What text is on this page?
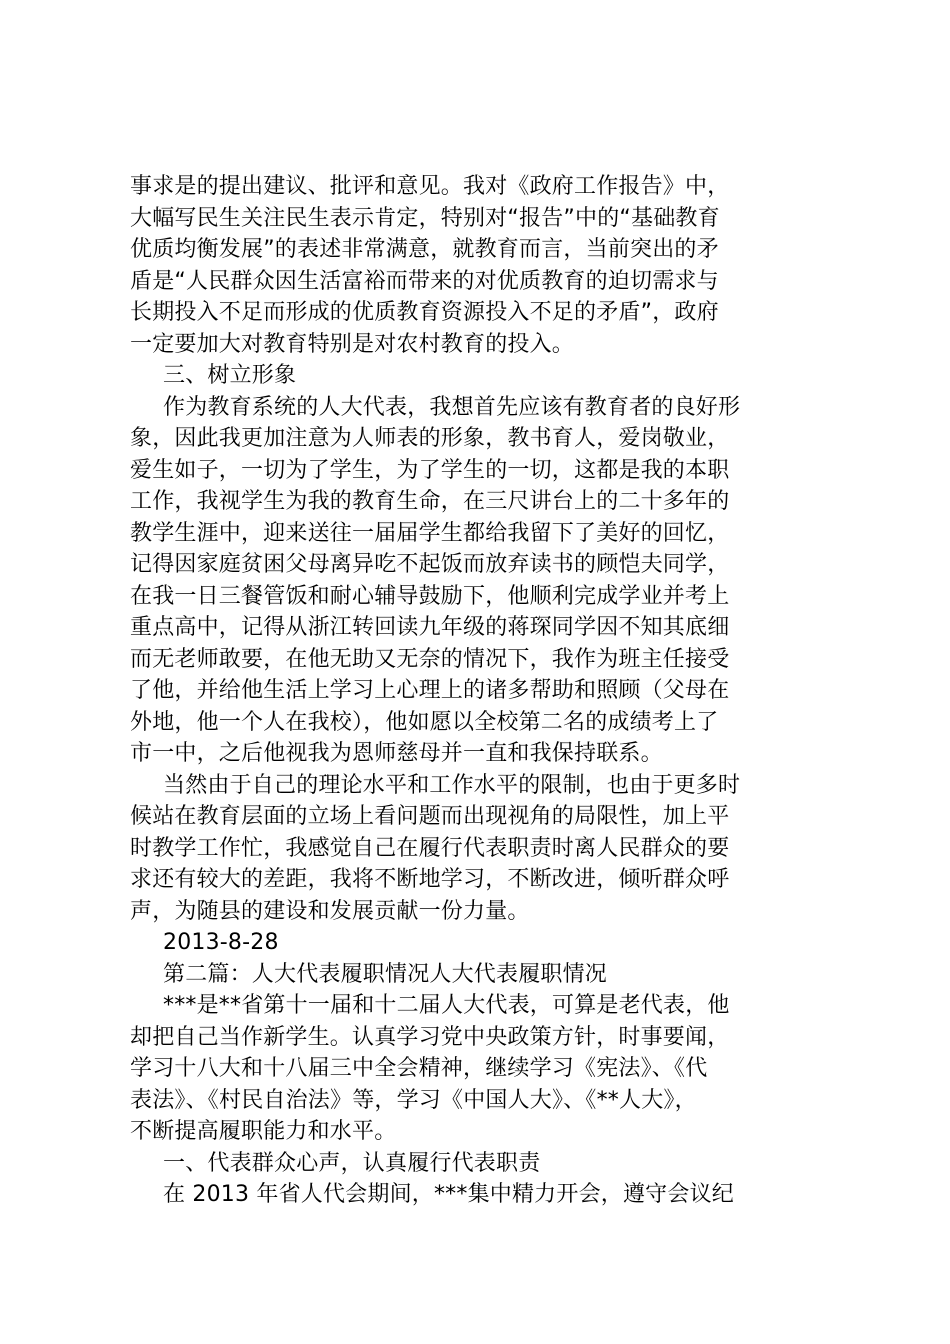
事求是的提出建议、批评和意见。我对《政府工作报告》中，
大幅写民生关注民生表示肯定，特别对“报告”中的“基础教育
优质均衡发展”的表述非常满意，就教育而言，当前突出的矛
盾是“人民群众因生活富裕而带来的对优质教育的迫切需求与
长期投入不足而形成的优质教育资源投入不足的矛盾”，政府
一定要加大对教育特别是对农村教育的投入。
三、树立形象
作为教育系统的人大代表，我想首先应该有教育者的良好形
象，因此我更加注意为人师表的形象，教书育人，爱岗敬业，
爱生如子，一切为了学生，为了学生的一切，这都是我的本职
工作，我视学生为我的教育生命，在三尺讲台上的二十多年的
教学生涯中，迎来送往一届届学生都给我留下了美好的回忆，
记得因家庭贫困父母离异吃不起饭而放弃读书的顾恺夫同学，
在我一日三餐管饭和耐心辅导鼓励下，他顺利完成学业并考上
重点高中，记得从浙江转回读九年级的蒋琛同学因不知其底细
而无老师敢要，在他无助又无奈的情况下，我作为班主任接受
了他，并给他生活上学习上心理上的诸多帮助和照顾（父母在
外地，他一个人在我校），他如愿以全校第二名的成绩考上了
市一中，之后他视我为恩师慈母并一直和我保持联系。
当然由于自己的理论水平和工作水平的限制，也由于更多时
候站在教育层面的立场上看问题而出现视角的局限性，加上平
时教学工作忙，我感觉自己在履行代表职责时离人民群众的要
求还有较大的差距，我将不断地学习，不断改进，倾听群众呼
声，为随县的建设和发展贡献一份力量。
2013-8-28
第二篇：人大代表履职情况人大代表履职情况
***是**省第十一届和十二届人大代表，可算是老代表，他
却把自己当作新学生。认真学习党中央政策方针，时事要闻，
学习十八大和十八届三中全会精神，继续学习《宪法》、《代
表法》、《村民自治法》等，学习《中国人大》、《**人大》，
不断提高履职能力和水平。
一、代表群众心声，认真履行代表职责
在 2013 年省人代会期间，***集中精力开会，遵守会议纪
